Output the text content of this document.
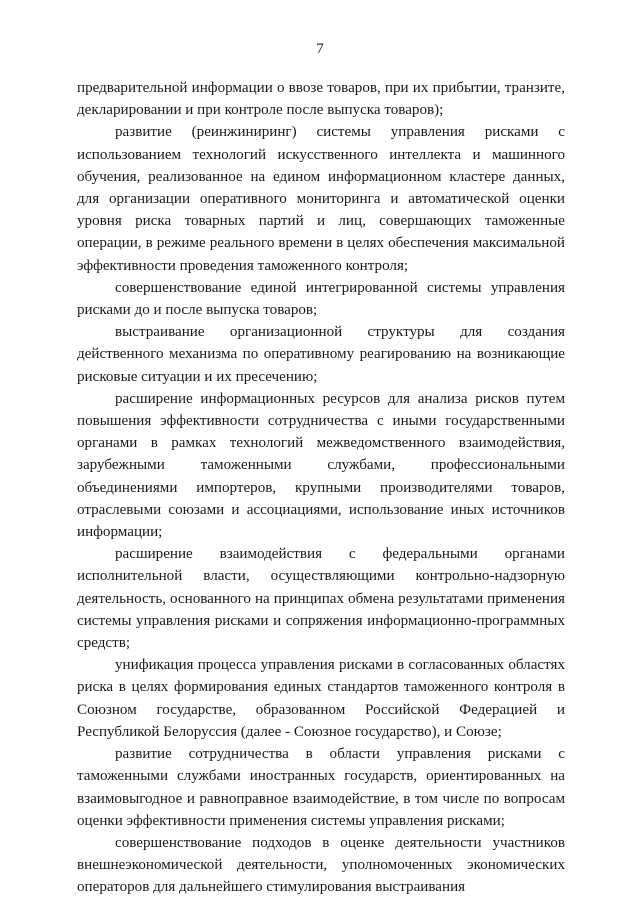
7

предварительной информации о ввозе товаров, при их прибытии, транзите, декларировании и при контроле после выпуска товаров);

развитие (реинжиниринг) системы управления рисками с использованием технологий искусственного интеллекта и машинного обучения, реализованное на едином информационном кластере данных, для организации оперативного мониторинга и автоматической оценки уровня риска товарных партий и лиц, совершающих таможенные операции, в режиме реального времени в целях обеспечения максимальной эффективности проведения таможенного контроля;

совершенствование единой интегрированной системы управления рисками до и после выпуска товаров;

выстраивание организационной структуры для создания действенного механизма по оперативному реагированию на возникающие рисковые ситуации и их пресечению;

расширение информационных ресурсов для анализа рисков путем повышения эффективности сотрудничества с иными государственными органами в рамках технологий межведомственного взаимодействия, зарубежными таможенными службами, профессиональными объединениями импортеров, крупными производителями товаров, отраслевыми союзами и ассоциациями, использование иных источников информации;

расширение взаимодействия с федеральными органами исполнительной власти, осуществляющими контрольно-надзорную деятельность, основанного на принципах обмена результатами применения системы управления рисками и сопряжения информационно-программных средств;

унификация процесса управления рисками в согласованных областях риска в целях формирования единых стандартов таможенного контроля в Союзном государстве, образованном Российской Федерацией и Республикой Белоруссия (далее - Союзное государство), и Союзе;

развитие сотрудничества в области управления рисками с таможенными службами иностранных государств, ориентированных на взаимовыгодное и равноправное взаимодействие, в том числе по вопросам оценки эффективности применения системы управления рисками;

совершенствование подходов в оценке деятельности участников внешнеэкономической деятельности, уполномоченных экономических операторов для дальнейшего стимулирования выстраивания
